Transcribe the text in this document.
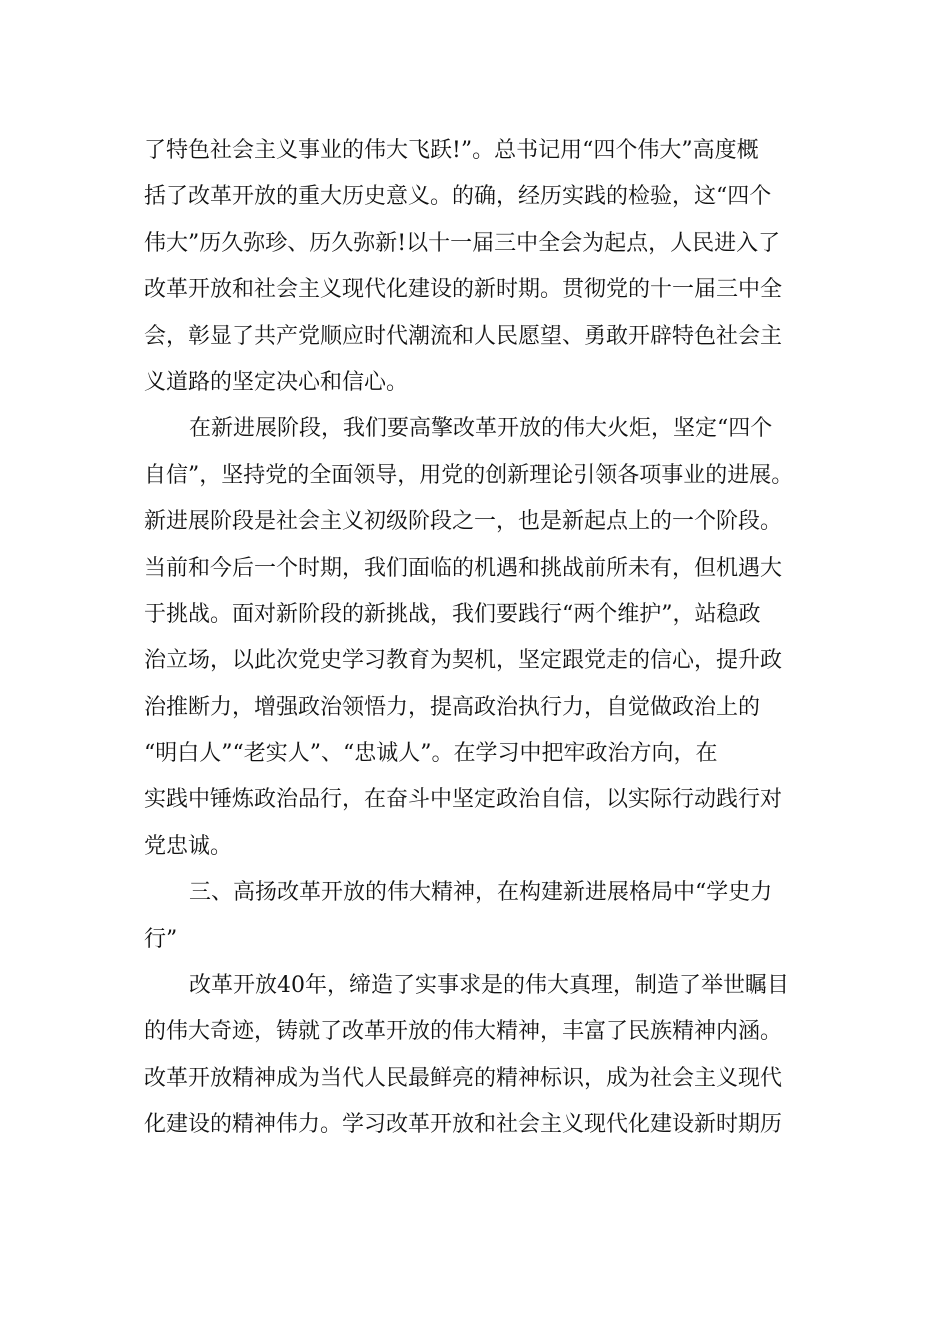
了特色社会主义事业的伟大飞跃!”。总书记用“四个伟大”高度概
括了改革开放的重大历史意义。的确，经历实践的检验，这“四个
伟大”历久弥珍、历久弥新!以十一届三中全会为起点，人民进入了
改革开放和社会主义现代化建设的新时期。贯彻党的十一届三中全
会，彰显了共产党顺应时代潮流和人民愿望、勇敢开辟特色社会主
义道路的坚定决心和信心。
在新进展阶段，我们要高擎改革开放的伟大火炬，坚定“四个
自信”，坚持党的全面领导，用党的创新理论引领各项事业的进展。
新进展阶段是社会主义初级阶段之一，也是新起点上的一个阶段。
当前和今后一个时期，我们面临的机遇和挑战前所未有，但机遇大
于挑战。面对新阶段的新挑战，我们要践行“两个维护”，站稳政
治立场，以此次党史学习教育为契机，坚定跟党走的信心，提升政
治推断力，增强政治领悟力，提高政治执行力，自觉做政治上的
“明白人”“老实人”、“忠诚人”。在学习中把牢政治方向，在
实践中锤炼政治品行，在奋斗中坚定政治自信，以实际行动践行对
党忠诚。
三、高扬改革开放的伟大精神，在构建新进展格局中“学史力
行”
改革开放40年，缔造了实事求是的伟大真理，制造了举世瞩目
的伟大奇迹，铸就了改革开放的伟大精神，丰富了民族精神内涵。
改革开放精神成为当代人民最鲜亮的精神标识，成为社会主义现代
化建设的精神伟力。学习改革开放和社会主义现代化建设新时期历
